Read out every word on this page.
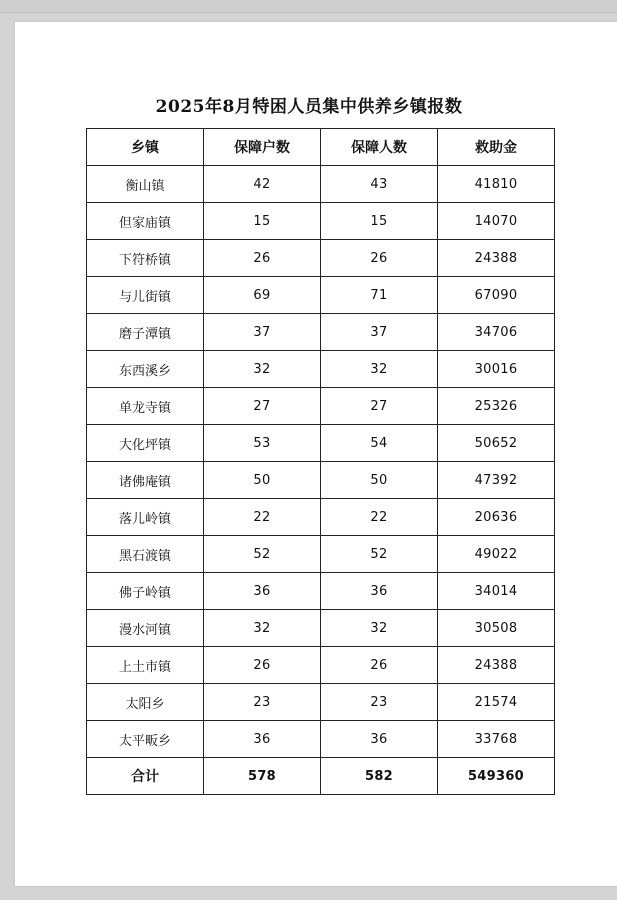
2025年8月特困人员集中供养乡镇报数
乡镇	保障户数	保障人数	救助金
衡山镇	42	43	41810
但家庙镇	15	15	14070
下符桥镇	26	26	24388
与儿街镇	69	71	67090
磨子潭镇	37	37	34706
东西溪乡	32	32	30016
单龙寺镇	27	27	25326
大化坪镇	53	54	50652
诸佛庵镇	50	50	47392
落儿岭镇	22	22	20636
黑石渡镇	52	52	49022
佛子岭镇	36	36	34014
漫水河镇	32	32	30508
上土市镇	26	26	24388
太阳乡	23	23	21574
太平畈乡	36	36	33768
合计	578	582	549360
